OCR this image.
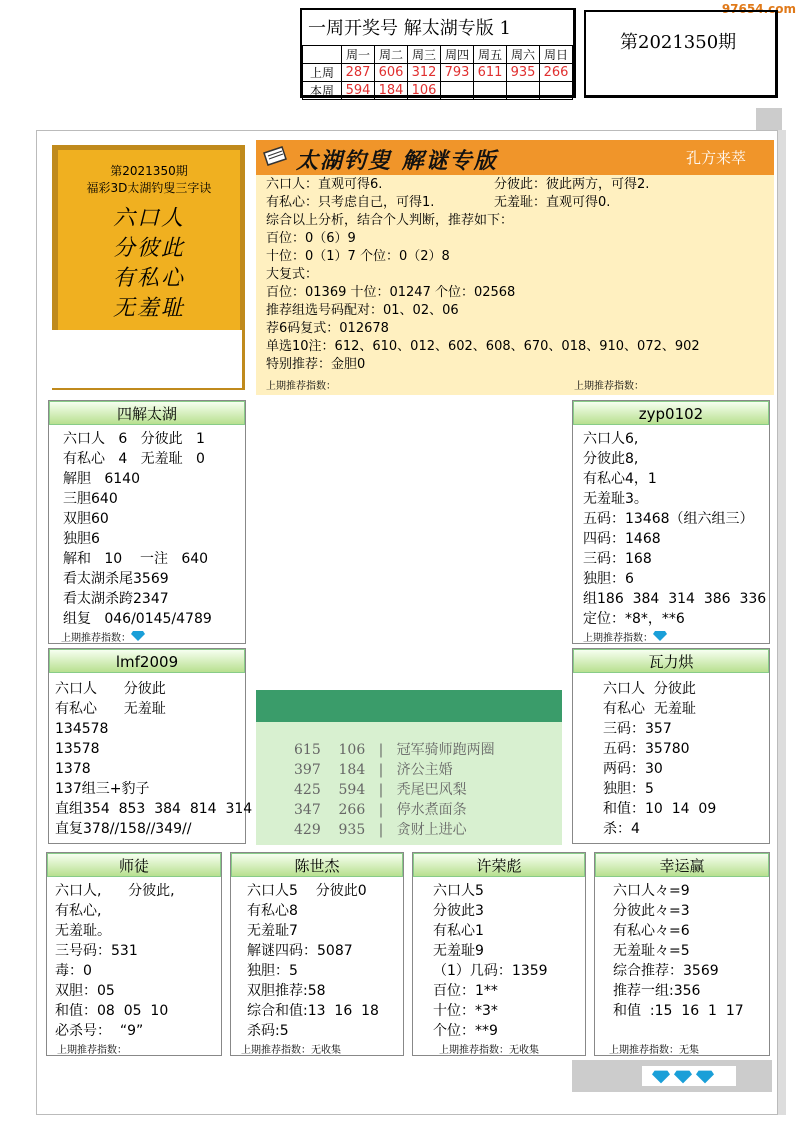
97654.com
一周开奖号 解太湖专版 1
	周一	周二	周三	周四	周五	周六	周日
上周	287	606	312	793	611	935	266
本周	594	184	106				
第2021350期
第2021350期
福彩3D太湖钓叟三字诀
六口人
分彼此
有私心
无羞耻
太湖钓叟 解谜专版	孔方来萃
六口人：直观可得6.	分彼此：彼此两方，可得2.
有私心：只考虑自己，可得1.	无羞耻：直观可得0.
综合以上分析，结合个人判断，推荐如下：
百位：0（6）9
十位：0（1）7 个位：0（2）8
大复式：
百位：01369 十位：01247 个位：02568
推荐组选号码配对：01、02、06
荐6码复式：012678
单选10注：612、610、012、602、608、670、018、910、072、902
特别推荐：金胆0
上期推荐指数：	上期推荐指数：
四解太湖
六口人   6   分彼此   1
有私心   4   无羞耻   0
解胆   6140
三胆640
双胆60
独胆6
解和   10    一注   640
看太湖杀尾3569
看太湖杀跨2347
组复   046/0145/4789
上期推荐指数：
zyp0102
六口人6,
分彼此8,
有私心4，1
无羞耻3。
五码：13468（组六组三）
四码：1468
三码：168
独胆：6
组186  384  314  386  336
定位：*8*，**6
上期推荐指数：
lmf2009
六口人      分彼此
有私心      无羞耻
134578
13578
1378
137组三+豹子
直组354  853  384  814  314
直复378//158//349//
瓦力烘
六口人  分彼此
有私心  无羞耻
三码：357
五码：35780
两码：30
独胆：5
和值：10  14  09
杀：4
615    106   |   冠军骑师跑两圈
397    184   |   济公主婚
425    594   |   秃尾巴风梨
347    266   |   停水煮面条
429    935   |   贪财上进心
师徒
六口人,      分彼此,
有私心,
无羞耻。
三号码：531
毒：0
双胆：05
和值：08  05  10
必杀号：  “9”
上期推荐指数：
陈世杰
六口人5    分彼此0
有私心8
无羞耻7
解谜四码：5087
独胆：5
双胆推荐:58
综合和值:13  16  18
杀码:5
上期推荐指数：无收集
许荣彪
六口人5
分彼此3
有私心1
无羞耻9
（1）几码：1359
百位：1**
十位：*3*
个位：**9
上期推荐指数：无收集
幸运赢
六口人々=9
分彼此々=3
有私心々=6
无羞耻々=5
综合推荐：3569
推荐一组:356
和值  :15  16  1  17
上期推荐指数：无集
